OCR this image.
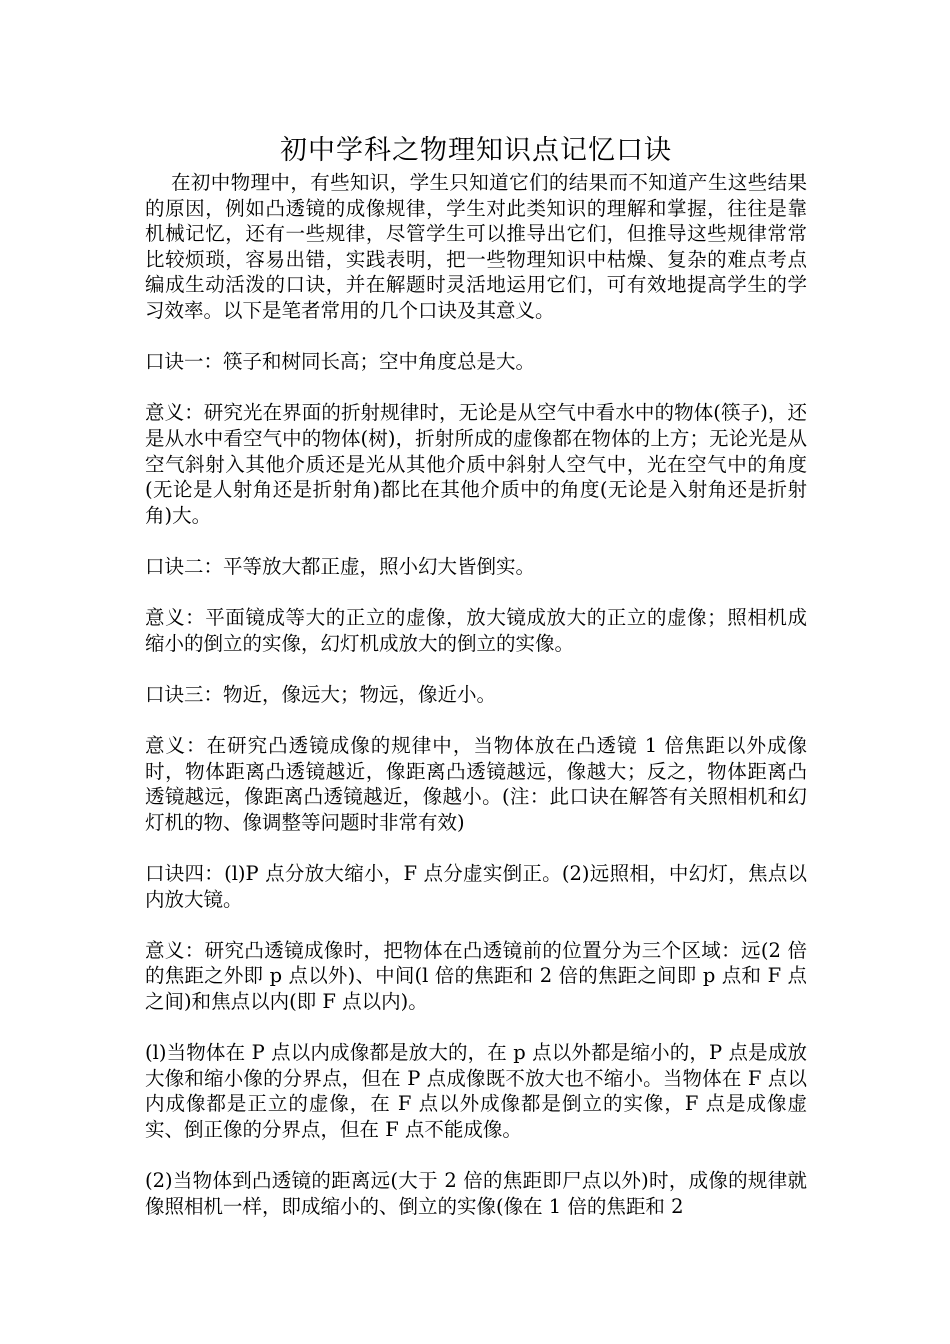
初中学科之物理知识点记忆口诀

在初中物理中，有些知识，学生只知道它们的结果而不知道产生这些结果的原因，例如凸透镜的成像规律，学生对此类知识的理解和掌握，往往是靠机械记忆，还有一些规律，尽管学生可以推导出它们，但推导这些规律常常比较烦琐，容易出错，实践表明，把一些物理知识中枯燥、复杂的难点考点编成生动活泼的口诀，并在解题时灵活地运用它们，可有效地提高学生的学习效率。以下是笔者常用的几个口诀及其意义。

口诀一：筷子和树同长高；空中角度总是大。

意义：研究光在界面的折射规律时，无论是从空气中看水中的物体(筷子)，还是从水中看空气中的物体(树)，折射所成的虚像都在物体的上方；无论光是从空气斜射入其他介质还是光从其他介质中斜射人空气中，光在空气中的角度(无论是人射角还是折射角)都比在其他介质中的角度(无论是入射角还是折射角)大。

口诀二：平等放大都正虚，照小幻大皆倒实。

意义：平面镜成等大的正立的虚像，放大镜成放大的正立的虚像；照相机成缩小的倒立的实像，幻灯机成放大的倒立的实像。

口诀三：物近，像远大；物远，像近小。

意义：在研究凸透镜成像的规律中，当物体放在凸透镜 1 倍焦距以外成像时，物体距离凸透镜越近，像距离凸透镜越远，像越大；反之，物体距离凸透镜越远，像距离凸透镜越近，像越小。(注：此口诀在解答有关照相机和幻灯机的物、像调整等问题时非常有效)

口诀四：(l)P 点分放大缩小，F 点分虚实倒正。(2)远照相，中幻灯，焦点以内放大镜。

意义：研究凸透镜成像时，把物体在凸透镜前的位置分为三个区域：远(2 倍的焦距之外即 p 点以外)、中间(l 倍的焦距和 2 倍的焦距之间即 p 点和 F 点之间)和焦点以内(即 F 点以内)。

(l)当物体在 P 点以内成像都是放大的，在 p 点以外都是缩小的，P 点是成放大像和缩小像的分界点，但在 P 点成像既不放大也不缩小。当物体在 F 点以内成像都是正立的虚像，在 F 点以外成像都是倒立的实像，F 点是成像虚实、倒正像的分界点，但在 F 点不能成像。

(2)当物体到凸透镜的距离远(大于 2 倍的焦距即尸点以外)时，成像的规律就像照相机一样，即成缩小的、倒立的实像(像在 1 倍的焦距和 2
